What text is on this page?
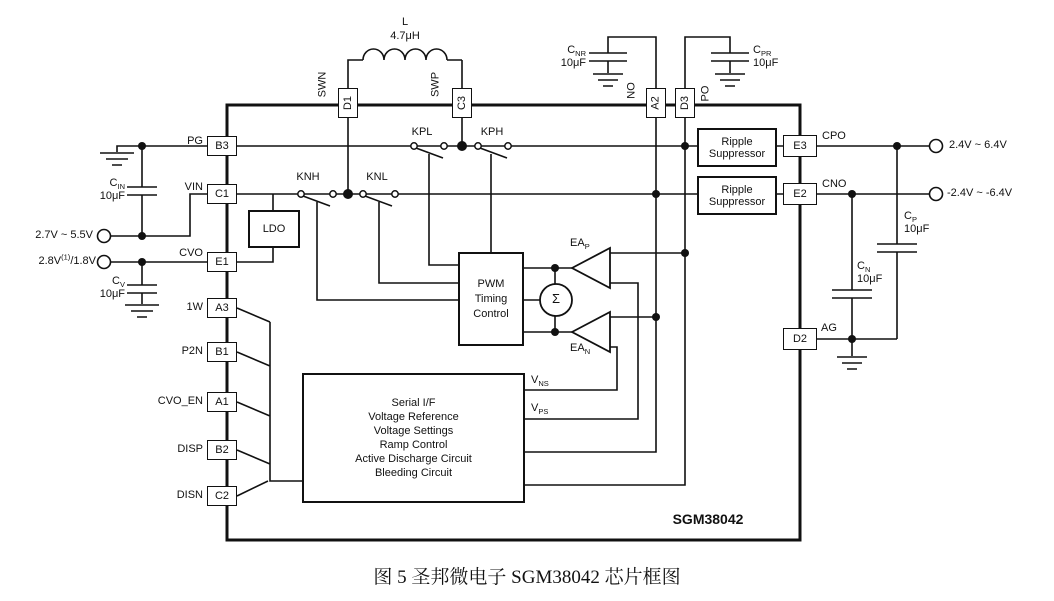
B3
C1
E1
A3
B1
A1
B2
C2
D1	C3	A2 D3
E3
E2
D2
LDO
PWM
Timing
Control
Ripple
Suppressor
Ripple
Suppressor
Serial I/F
Voltage Reference
Voltage Settings
Ramp Control
Active Discharge Circuit
Bleeding Circuit
Σ
PG
VIN
CVO
1W
P2N
CVO_EN
DISP
DISN
SWN	SWP	NO	PO
CPO
CNO
AG
KPL	KPH
KNH	KNL
L
4.7μH
$C_{IN}$
10μF
$C_V$
10μF
$C_{NR}$
10μF
$C_{PR}$
10μF
$C_N$
10μF
$C_P$
10μF
$EA_P$
$EA_N$
$V_{NS}$
$V_{PS}$
2.7V ~ 5.5V
$2.8V^{(1)}/1.8V$
2.4V ~ 6.4V
-2.4V ~ -6.4V
SGM38042
图 5 圣邦微电子 SGM38042 芯片框图
